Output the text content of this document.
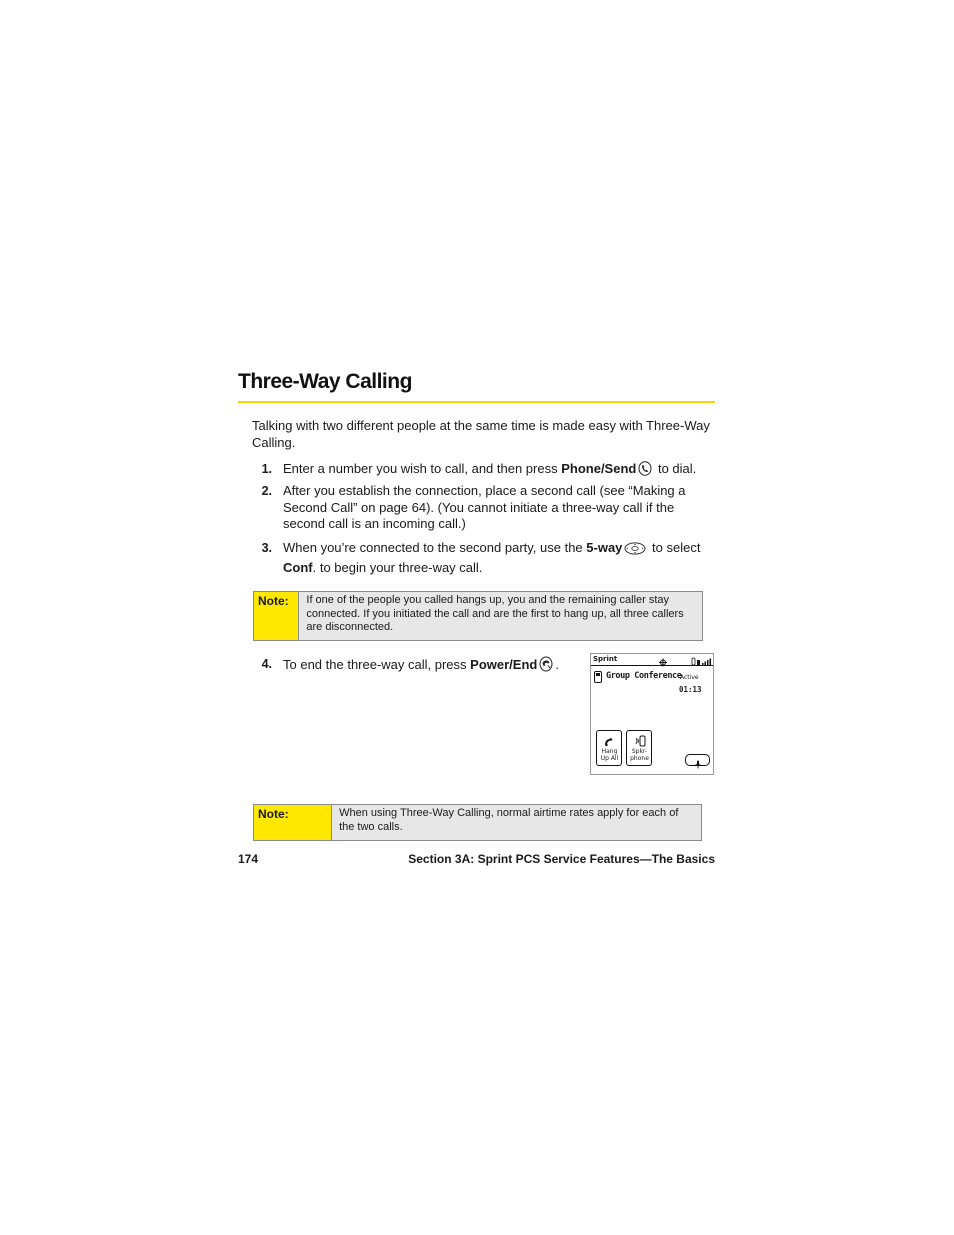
Three-Way Calling
Talking with two different people at the same time is made easy with Three-Way Calling.
1. Enter a number you wish to call, and then press Phone/Send to dial.
2. After you establish the connection, place a second call (see “Making a Second Call” on page 64). (You cannot initiate a three-way call if the second call is an incoming call.)
3. When you’re connected to the second party, use the 5-way to select
Conf. to begin your three-way call.
Note:	If one of the people you called hangs up, you and the remaining caller stay connected. If you initiated the call and are the first to hang up, all three callers are disconnected.
4. To end the three-way call, press Power/End .	Sprint
Group Conference
Active
01:13
Hang
Up All
Spkr-
phone
Note:	When using Three-Way Calling, normal airtime rates apply for each of the two calls.
174	Section 3A: Sprint PCS Service Features—The Basics
